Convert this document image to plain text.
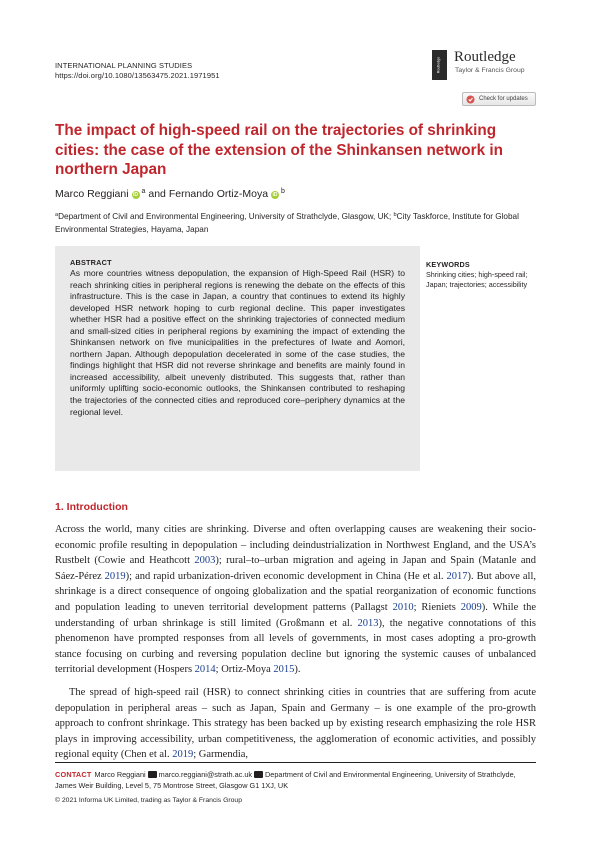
INTERNATIONAL PLANNING STUDIES
https://doi.org/10.1080/13563475.2021.1971951
Routledge Routledge
Taylor & Francis Group
Check for updates
The impact of high-speed rail on the trajectories of shrinking cities: the case of the extension of the Shinkansen network in northern Japan
Marco Reggiani iD $^a$ and Fernando Ortiz-Moya iD $^b$
$^a$Department of Civil and Environmental Engineering, University of Strathclyde, Glasgow, UK; $^b$City Taskforce, Institute for Global Environmental Strategies, Hayama, Japan
ABSTRACT
As more countries witness depopulation, the expansion of High-Speed Rail (HSR) to reach shrinking cities in peripheral regions is renewing the debate on the effects of this infrastructure. This is the case in Japan, a country that continues to extend its highly developed HSR network hoping to curb regional decline. This paper investigates whether HSR had a positive effect on the shrinking trajectories of connected medium and small-sized cities in peripheral regions by examining the impact of extending the Shinkansen network on five municipalities in the prefectures of Iwate and Aomori, northern Japan. Although depopulation decelerated in some of the case studies, the findings highlight that HSR did not reverse shrinkage and benefits are mainly found in increased accessibility, albeit unevenly distributed. This suggests that, rather than uniformly uplifting socio-economic outlooks, the Shinkansen contributed to reshaping the trajectories of the connected cities and reproduced core–periphery dynamics at the regional level.
KEYWORDS
Shrinking cities; high-speed rail; Japan; trajectories; accessibility
1. Introduction
Across the world, many cities are shrinking. Diverse and often overlapping causes are weakening their socio-economic profile resulting in depopulation – including deindustrialization in Northwest England, and the USA’s Rustbelt (Cowie and Heathcott 2003); rural–to–urban migration and ageing in Japan and Spain (Matanle and Sáez-Pérez 2019); and rapid urbanization-driven economic development in China (He et al. 2017). But above all, shrinkage is a direct consequence of ongoing globalization and the spatial reorganization of economic functions and population leading to uneven territorial development patterns (Pallagst 2010; Rieniets 2009). While the understanding of urban shrinkage is still limited (Großmann et al. 2013), the negative connotations of this phenomenon have prompted responses from all levels of governments, in most cases adopting a pro-growth stance focusing on curbing and reversing population decline but ignoring the systemic causes of unbalanced territorial development (Hospers 2014; Ortiz-Moya 2015).
The spread of high-speed rail (HSR) to connect shrinking cities in countries that are suffering from acute depopulation in peripheral areas – such as Japan, Spain and Germany – is one example of the pro-growth approach to confront shrinkage. This strategy has been backed up by existing research emphasizing the role HSR plays in improving accessibility, urban competitiveness, the agglomeration of economic activities, and possibly regional equity (Chen et al. 2019; Garmendia,
CONTACT Marco Reggiani marco.reggiani@strath.ac.uk Department of Civil and Environmental Engineering, University of Strathclyde, James Weir Building, Level 5, 75 Montrose Street, Glasgow G1 1XJ, UK
© 2021 Informa UK Limited, trading as Taylor & Francis Group
